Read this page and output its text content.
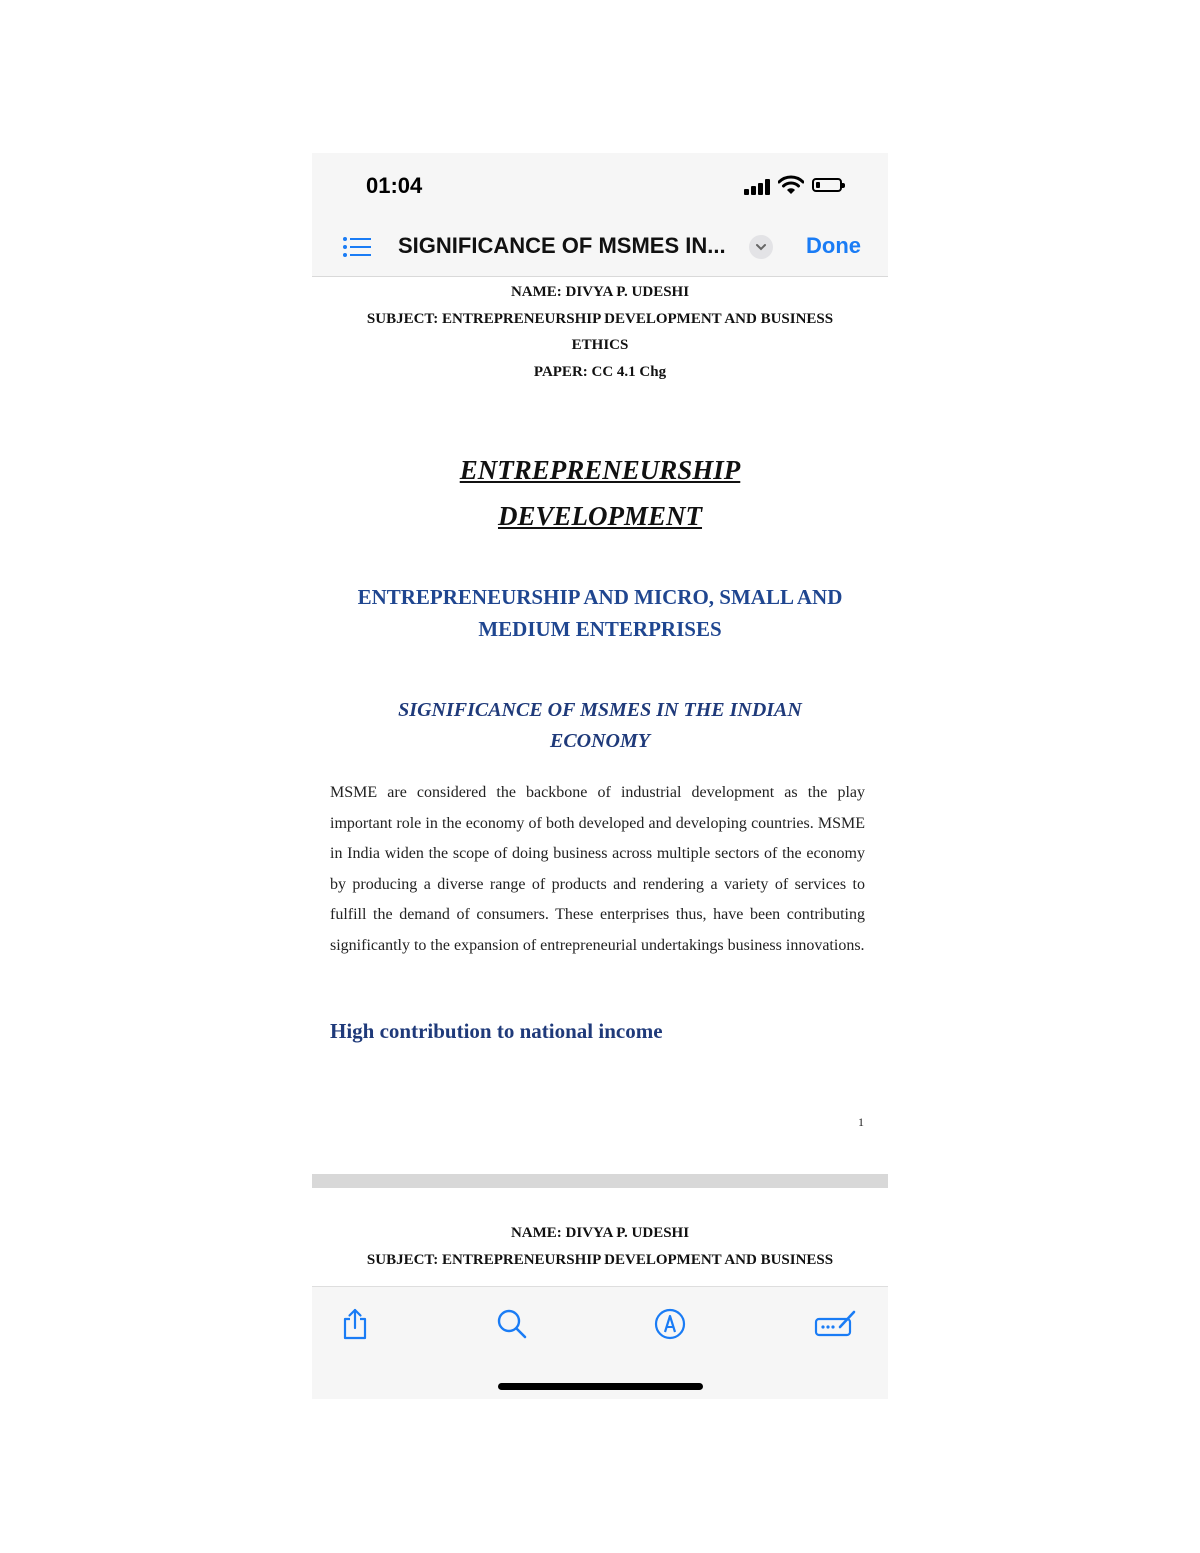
01:04
SIGNIFICANCE OF MSMES IN...	Done
NAME: DIVYA P. UDESHI
SUBJECT: ENTREPRENEURSHIP DEVELOPMENT AND BUSINESS
ETHICS
PAPER: CC 4.1 Chg
ENTREPRENEURSHIP
DEVELOPMENT
ENTREPRENEURSHIP AND MICRO, SMALL AND
MEDIUM ENTERPRISES
SIGNIFICANCE OF MSMES IN THE INDIAN
ECONOMY
MSME are considered the backbone of industrial development as the play important role in the economy of both developed and developing countries. MSME in India widen the scope of doing business across multiple sectors of the economy by producing a diverse range of products and rendering a variety of services to fulfill the demand of consumers. These enterprises thus, have been contributing significantly to the expansion of entrepreneurial undertakings business innovations.
High contribution to national income
1
NAME: DIVYA P. UDESHI
SUBJECT: ENTREPRENEURSHIP DEVELOPMENT AND BUSINESS
